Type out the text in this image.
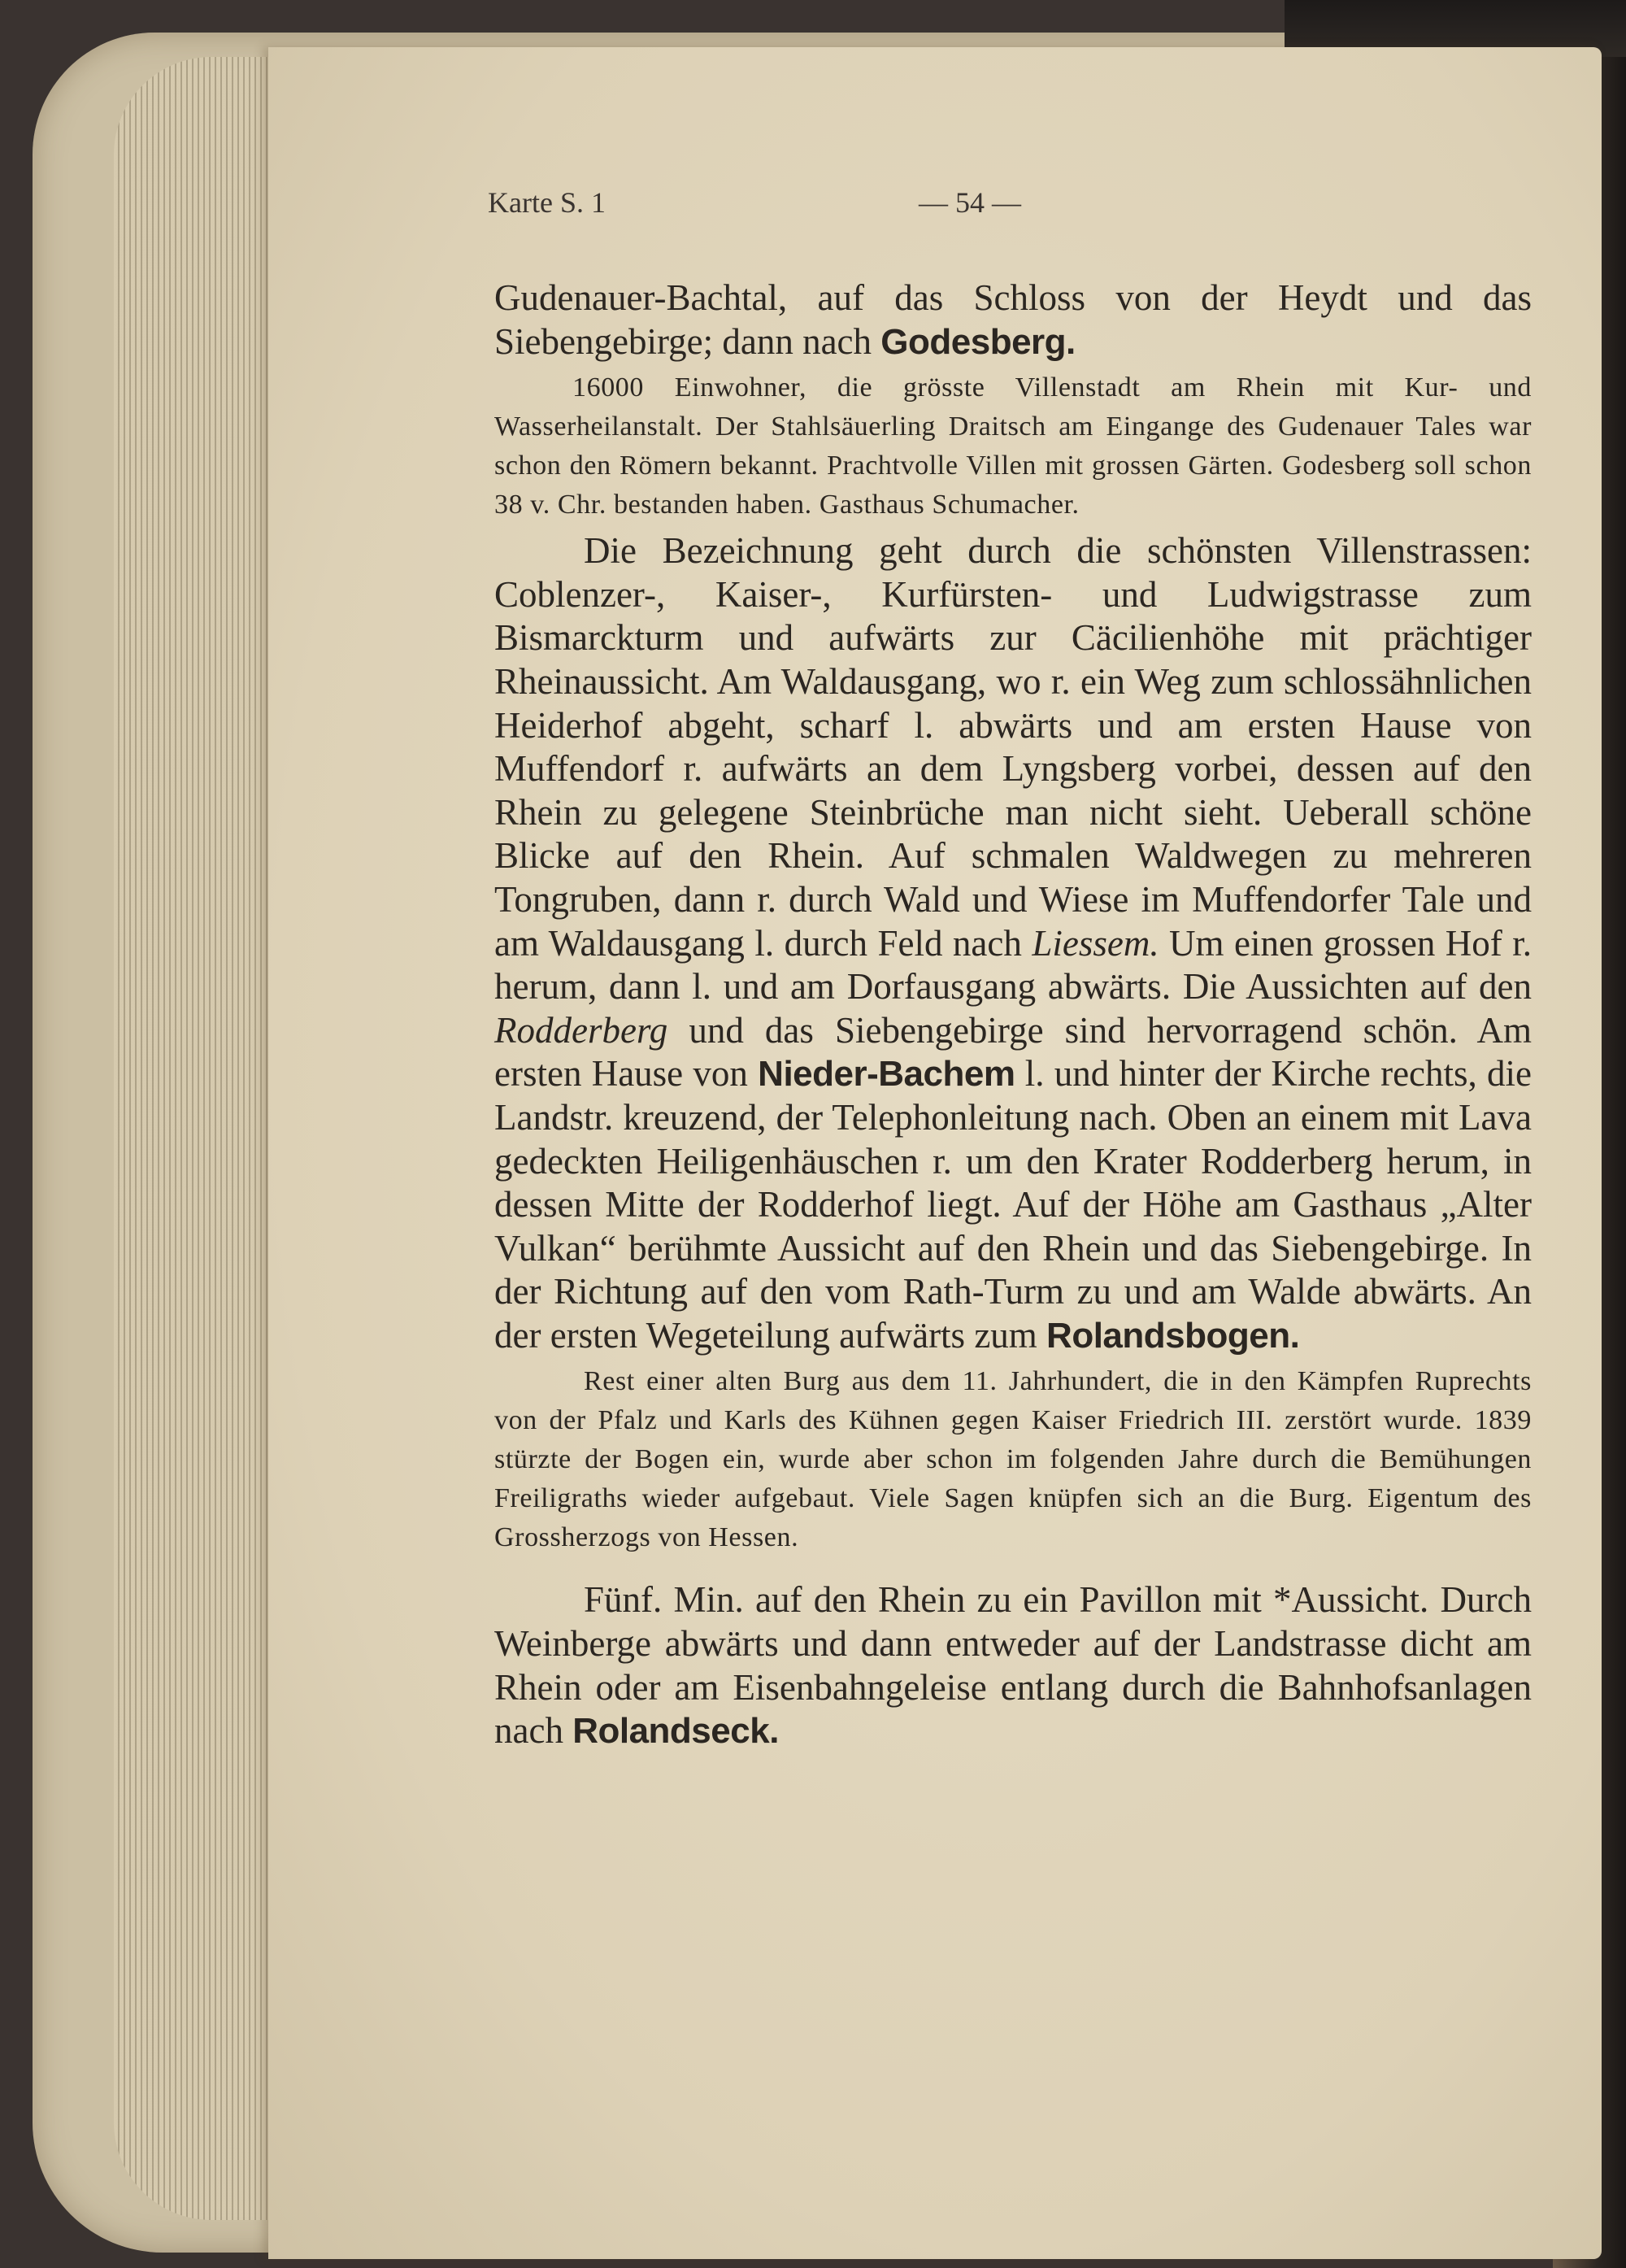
Karte S. 1	— 54 —

Gudenauer-Bachtal, auf das Schloss von der Heydt und das Siebengebirge; dann nach Godesberg.

16000 Einwohner, die grösste Villenstadt am Rhein mit Kur- und Wasserheilanstalt. Der Stahlsäuerling Draitsch am Eingange des Gudenauer Tales war schon den Römern bekannt. Prachtvolle Villen mit grossen Gärten. Godesberg soll schon 38 v. Chr. bestanden haben. Gasthaus Schumacher.

Die Bezeichnung geht durch die schönsten Villenstrassen: Coblenzer-, Kaiser-, Kurfürsten- und Ludwigstrasse zum Bismarckturm und aufwärts zur Cäcilienhöhe mit prächtiger Rheinaussicht. Am Waldausgang, wo r. ein Weg zum schlossähnlichen Heiderhof abgeht, scharf l. abwärts und am ersten Hause von Muffendorf r. aufwärts an dem Lyngsberg vorbei, dessen auf den Rhein zu gelegene Steinbrüche man nicht sieht. Ueberall schöne Blicke auf den Rhein. Auf schmalen Waldwegen zu mehreren Tongruben, dann r. durch Wald und Wiese im Muffendorfer Tale und am Waldausgang l. durch Feld nach Liessem. Um einen grossen Hof r. herum, dann l. und am Dorfausgang abwärts. Die Aussichten auf den Rodderberg und das Siebengebirge sind hervorragend schön. Am ersten Hause von Nieder-Bachem l. und hinter der Kirche rechts, die Landstr. kreuzend, der Telephonleitung nach. Oben an einem mit Lava gedeckten Heiligenhäuschen r. um den Krater Rodderberg herum, in dessen Mitte der Rodderhof liegt. Auf der Höhe am Gasthaus „Alter Vulkan“ berühmte Aussicht auf den Rhein und das Siebengebirge. In der Richtung auf den vom Rath-Turm zu und am Walde abwärts. An der ersten Wegeteilung aufwärts zum Rolandsbogen.

Rest einer alten Burg aus dem 11. Jahrhundert, die in den Kämpfen Ruprechts von der Pfalz und Karls des Kühnen gegen Kaiser Friedrich III. zerstört wurde. 1839 stürzte der Bogen ein, wurde aber schon im folgenden Jahre durch die Bemühungen Freiligraths wieder aufgebaut. Viele Sagen knüpfen sich an die Burg. Eigentum des Grossherzogs von Hessen.

Fünf. Min. auf den Rhein zu ein Pavillon mit *Aussicht. Durch Weinberge abwärts und dann entweder auf der Landstrasse dicht am Rhein oder am Eisenbahngeleise entlang durch die Bahnhofsanlagen nach Rolandseck.
